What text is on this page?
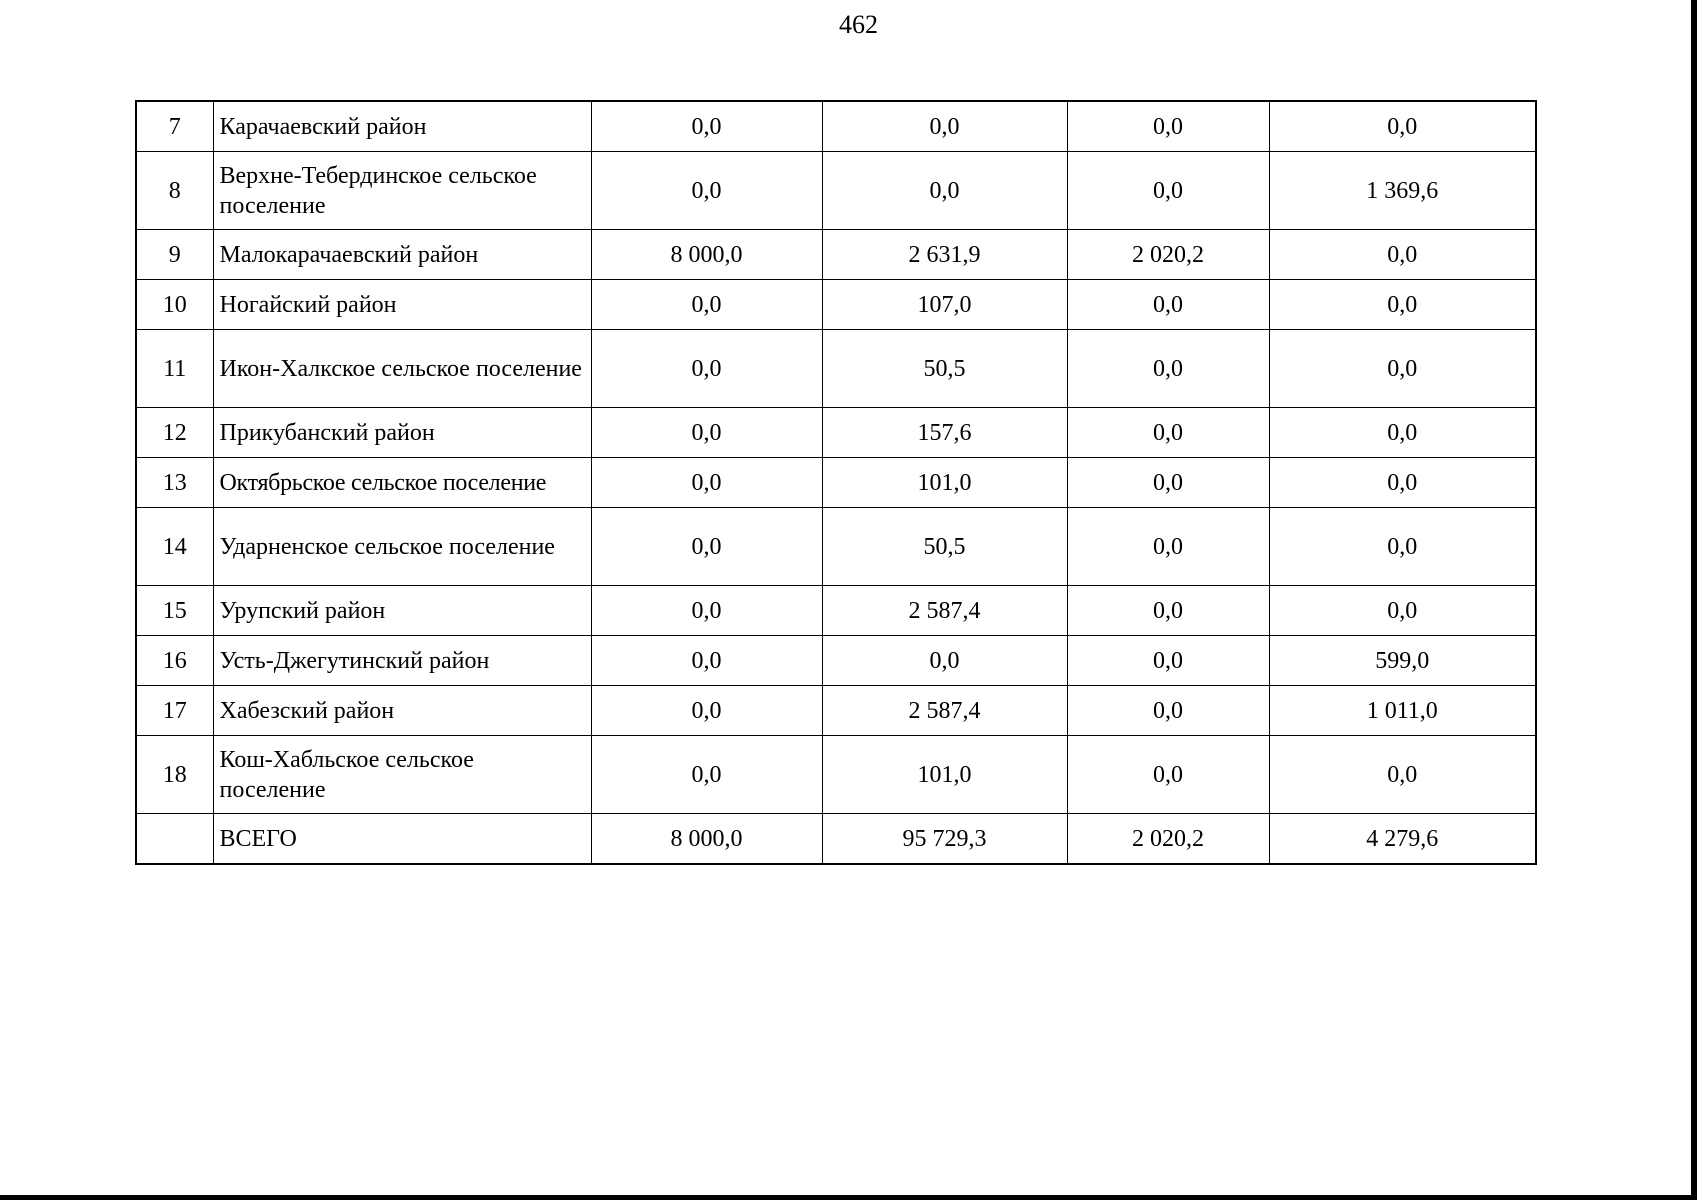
462
7	Карачаевский район	0,0	0,0	0,0	0,0
8	Верхне-Тебердинское сельское поселение	0,0	0,0	0,0	1 369,6
9	Малокарачаевский район	8 000,0	2 631,9	2 020,2	0,0
10	Ногайский район	0,0	107,0	0,0	0,0
11	Икон-Халкское сельское поселение	0,0	50,5	0,0	0,0
12	Прикубанский район	0,0	157,6	0,0	0,0
13	Октябрьское сельское поселение	0,0	101,0	0,0	0,0
14	Ударненское сельское поселение	0,0	50,5	0,0	0,0
15	Урупский район	0,0	2 587,4	0,0	0,0
16	Усть-Джегутинский район	0,0	0,0	0,0	599,0
17	Хабезский район	0,0	2 587,4	0,0	1 011,0
18	Кош-Хабльское сельское поселение	0,0	101,0	0,0	0,0
	ВСЕГО	8 000,0	95 729,3	2 020,2	4 279,6
